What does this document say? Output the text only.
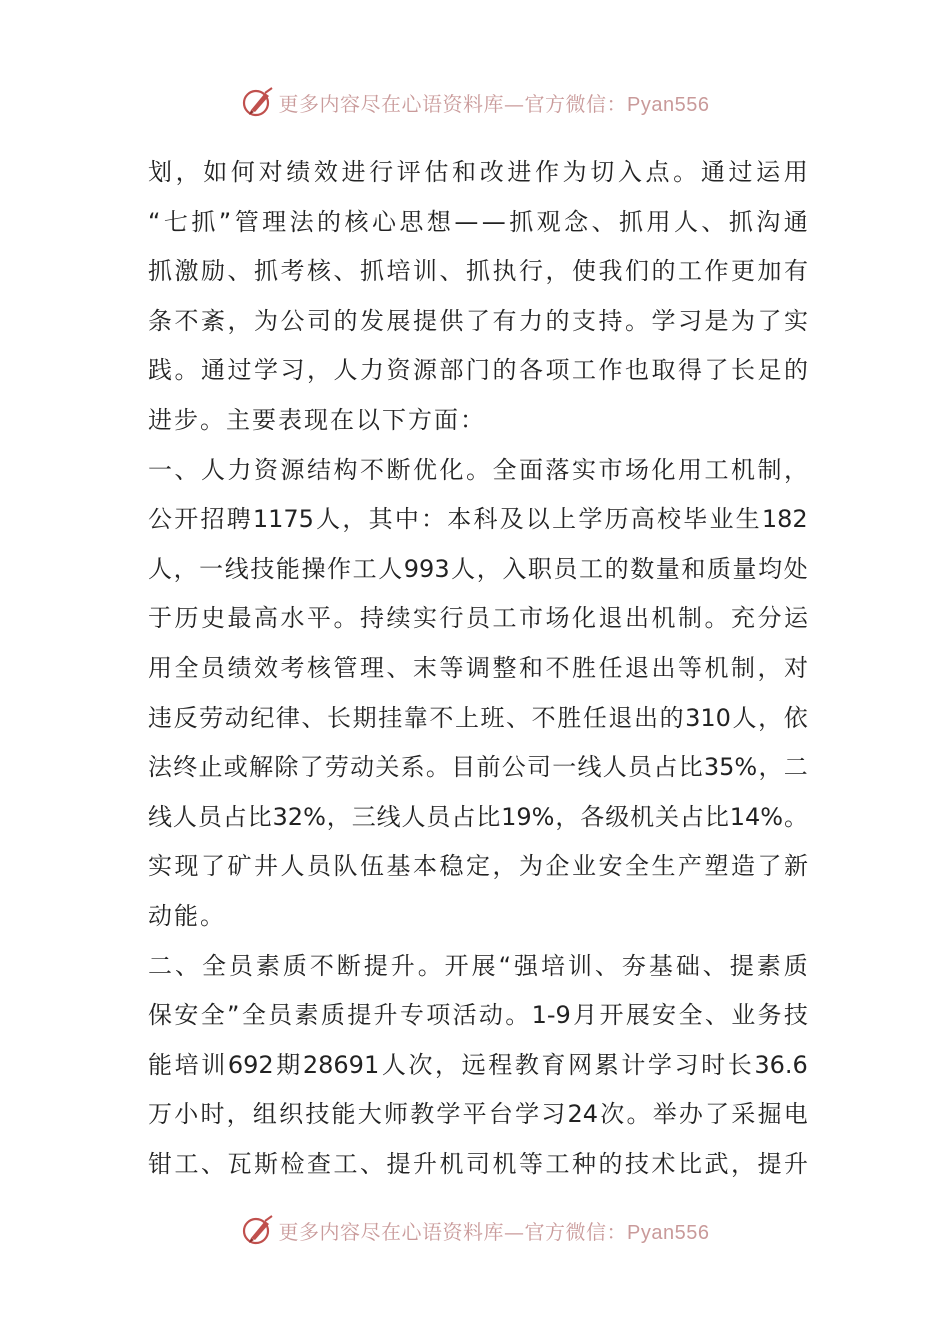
更多内容尽在心语资料库—官方微信：Pyan556
划 ， 如 何 对 绩 效 进 行 评 估 和 改 进 作 为 切 入 点 。 通 过 运 用
“ 七 抓 ” 管 理 法 的 核 心 思 想 — — 抓 观 念 、 抓 用 人 、 抓 沟 通
抓 激 励 、 抓 考 核 、 抓 培 训 、 抓 执 行 ， 使 我 们 的 工 作 更 加 有
条 不 紊 ， 为 公 司 的 发 展 提 供 了 有 力 的 支 持 。 学 习 是 为 了 实
践 。 通 过 学 习 ， 人 力 资 源 部 门 的 各 项 工 作 也 取 得 了 长 足 的
进步。主要表现在以下方面：
一 、 人 力 资 源 结 构 不 断 优 化 。 全 面 落 实 市 场 化 用 工 机 制 ，
公 开 招 聘 1175 人 ， 其 中 ： 本 科 及 以 上 学 历 高 校 毕 业 生 182
人 ， 一 线 技 能 操 作 工 人 993 人 ， 入 职 员 工 的 数 量 和 质 量 均 处
于 历 史 最 高 水 平 。 持 续 实 行 员 工 市 场 化 退 出 机 制 。 充 分 运
用 全 员 绩 效 考 核 管 理 、 末 等 调 整 和 不 胜 任 退 出 等 机 制 ， 对
违 反 劳 动 纪 律 、 长 期 挂 靠 不 上 班 、 不 胜 任 退 出 的 310 人 ， 依
法 终 止 或 解 除 了 劳 动 关 系 。 目 前 公 司 一 线 人 员 占 比 35% ， 二
线 人 员 占 比 32% ， 三 线 人 员 占 比 19% ， 各 级 机 关 占 比 14% 。
实 现 了 矿 井 人 员 队 伍 基 本 稳 定 ， 为 企 业 安 全 生 产 塑 造 了 新
动能。
二 、 全 员 素 质 不 断 提 升 。 开 展 “ 强 培 训 、 夯 基 础 、 提 素 质
保 安 全 ” 全 员 素 质 提 升 专 项 活 动 。 1-9 月 开 展 安 全 、 业 务 技
能 培 训 692 期 28691 人 次 ， 远 程 教 育 网 累 计 学 习 时 长 36.6
万 小 时 ， 组 织 技 能 大 师 教 学 平 台 学 习 24 次 。 举 办 了 采 掘 电
钳 工 、 瓦 斯 检 查 工 、 提 升 机 司 机 等 工 种 的 技 术 比 武 ， 提 升
更多内容尽在心语资料库—官方微信：Pyan556
